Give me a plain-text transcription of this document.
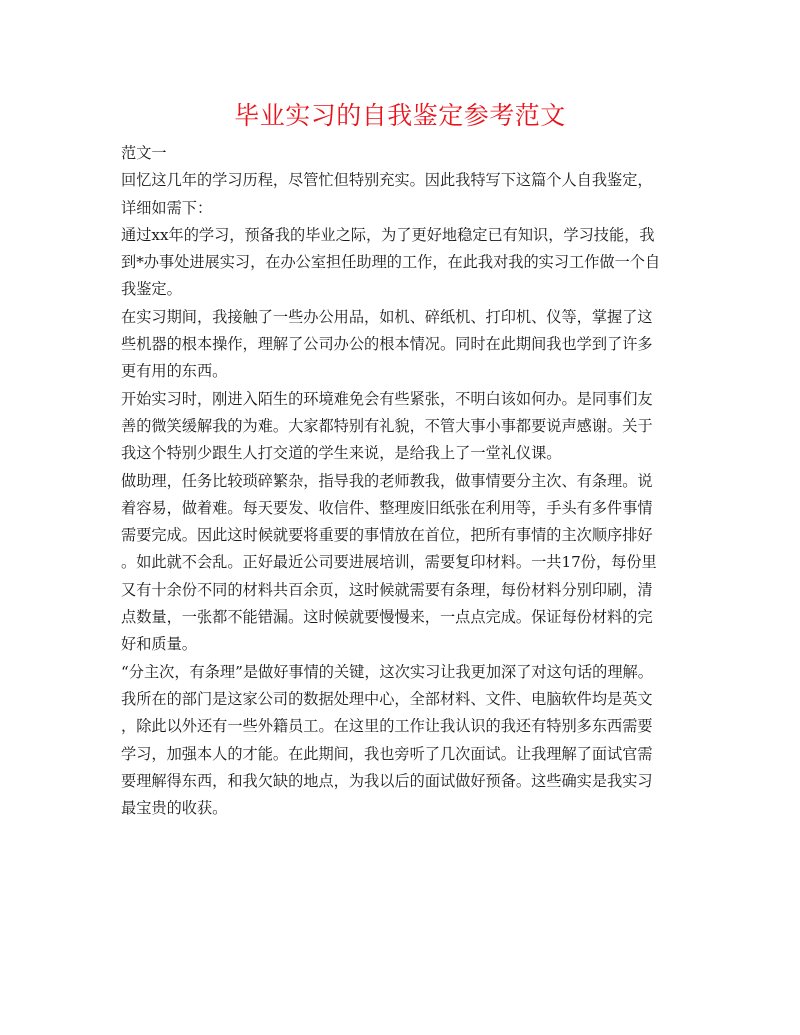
毕业实习的自我鉴定参考范文
范文一
回忆这几年的学习历程，尽管忙但特别充实。因此我特写下这篇个人自我鉴定，
详细如需下：
通过xx年的学习，预备我的毕业之际，为了更好地稳定已有知识，学习技能，我
到*办事处进展实习，在办公室担任助理的工作，在此我对我的实习工作做一个自
我鉴定。
在实习期间，我接触了一些办公用品，如机、碎纸机、打印机、仪等，掌握了这
些机器的根本操作，理解了公司办公的根本情况。同时在此期间我也学到了许多
更有用的东西。
开始实习时，刚进入陌生的环境难免会有些紧张，不明白该如何办。是同事们友
善的微笑缓解我的为难。大家都特别有礼貌，不管大事小事都要说声感谢。关于
我这个特别少跟生人打交道的学生来说，是给我上了一堂礼仪课。
做助理，任务比较琐碎繁杂，指导我的老师教我，做事情要分主次、有条理。说
着容易，做着难。每天要发、收信件、整理废旧纸张在利用等，手头有多件事情
需要完成。因此这时候就要将重要的事情放在首位，把所有事情的主次顺序排好
。如此就不会乱。正好最近公司要进展培训，需要复印材料。一共17份，每份里
又有十余份不同的材料共百余页，这时候就需要有条理，每份材料分别印刷，清
点数量，一张都不能错漏。这时候就要慢慢来，一点点完成。保证每份材料的完
好和质量。
“分主次，有条理”是做好事情的关键，这次实习让我更加深了对这句话的理解。
我所在的部门是这家公司的数据处理中心，全部材料、文件、电脑软件均是英文
，除此以外还有一些外籍员工。在这里的工作让我认识的我还有特别多东西需要
学习，加强本人的才能。在此期间，我也旁听了几次面试。让我理解了面试官需
要理解得东西，和我欠缺的地点，为我以后的面试做好预备。这些确实是我实习
最宝贵的收获。
